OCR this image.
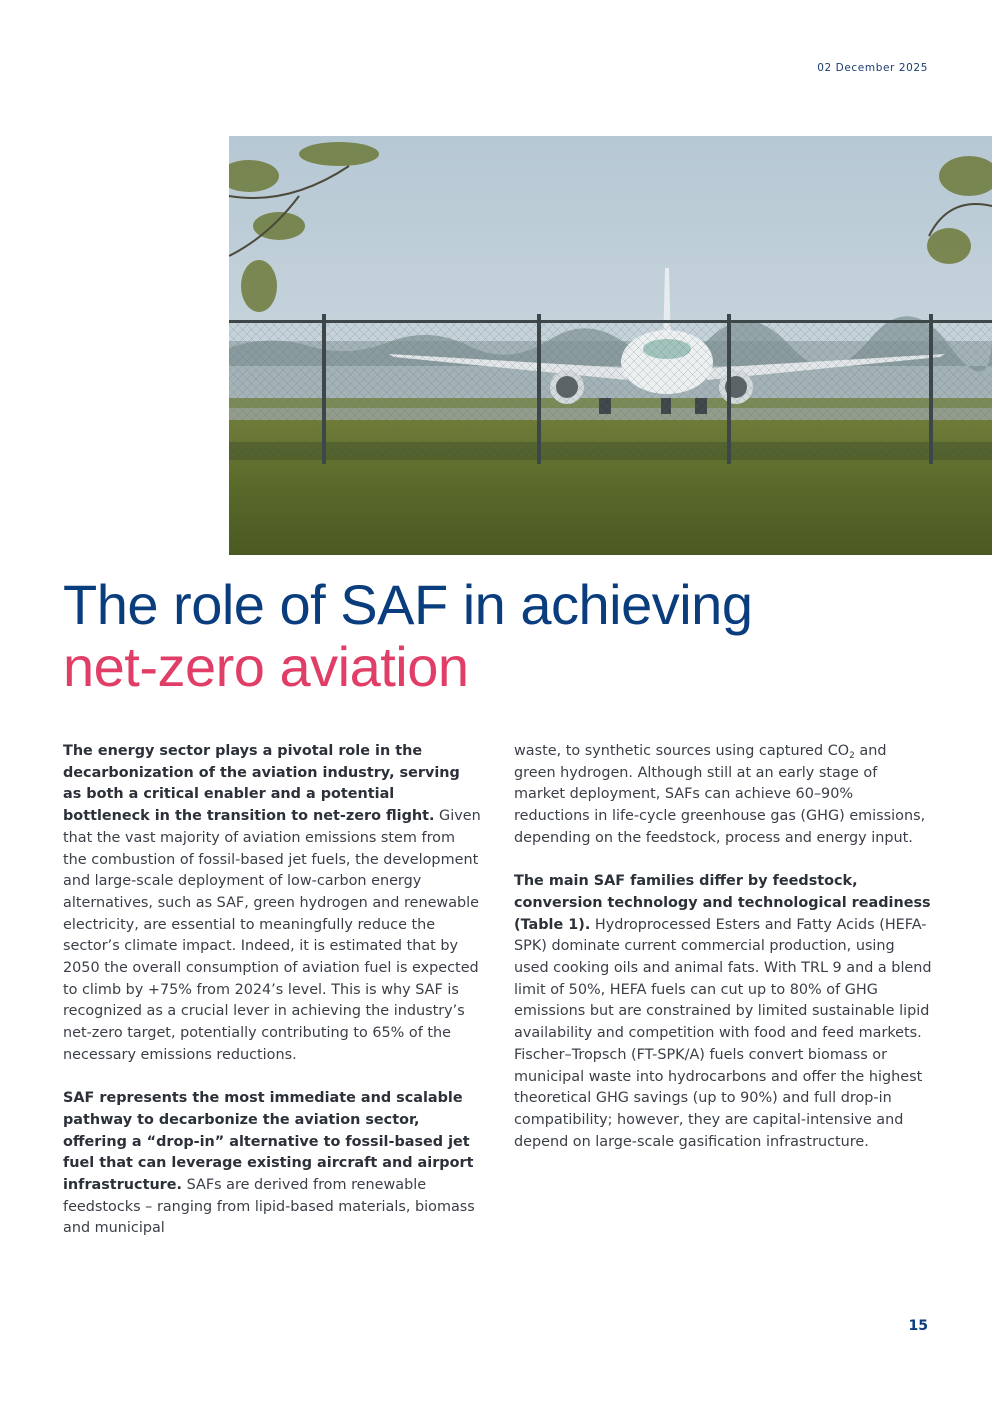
02 December 2025
The role of SAF in achieving
net-zero aviation

The energy sector plays a pivotal role in the decarbonization of the aviation industry, serving as both a critical enabler and a potential bottleneck in the transition to net-zero flight. Given that the vast majority of aviation emissions stem from the combustion of fossil-based jet fuels, the development and large-scale deployment of low-carbon energy alternatives, such as SAF, green hydrogen and renewable electricity, are essential to meaningfully reduce the sector’s climate impact. Indeed, it is estimated that by 2050 the overall consumption of aviation fuel is expected to climb by +75% from 2024’s level. This is why SAF is recognized as a crucial lever in achieving the industry’s net-zero target, potentially contributing to 65% of the necessary emissions reductions.

SAF represents the most immediate and scalable pathway to decarbonize the aviation sector, offering a “drop-in” alternative to fossil-based jet fuel that can leverage existing aircraft and airport infrastructure. SAFs are derived from renewable feedstocks – ranging from lipid-based materials, biomass and municipal

waste, to synthetic sources using captured $CO_2$ and green hydrogen. Although still at an early stage of market deployment, SAFs can achieve 60–90% reductions in life-cycle greenhouse gas (GHG) emissions, depending on the feedstock, process and energy input.

The main SAF families differ by feedstock, conversion technology and technological readiness (Table 1). Hydroprocessed Esters and Fatty Acids (HEFA-SPK) dominate current commercial production, using used cooking oils and animal fats. With TRL 9 and a blend limit of 50%, HEFA fuels can cut up to 80% of GHG emissions but are constrained by limited sustainable lipid availability and competition with food and feed markets. Fischer–Tropsch (FT-SPK/A) fuels convert biomass or municipal waste into hydrocarbons and offer the highest theoretical GHG savings (up to 90%) and full drop-in compatibility; however, they are capital-intensive and depend on large-scale gasification infrastructure.

15
